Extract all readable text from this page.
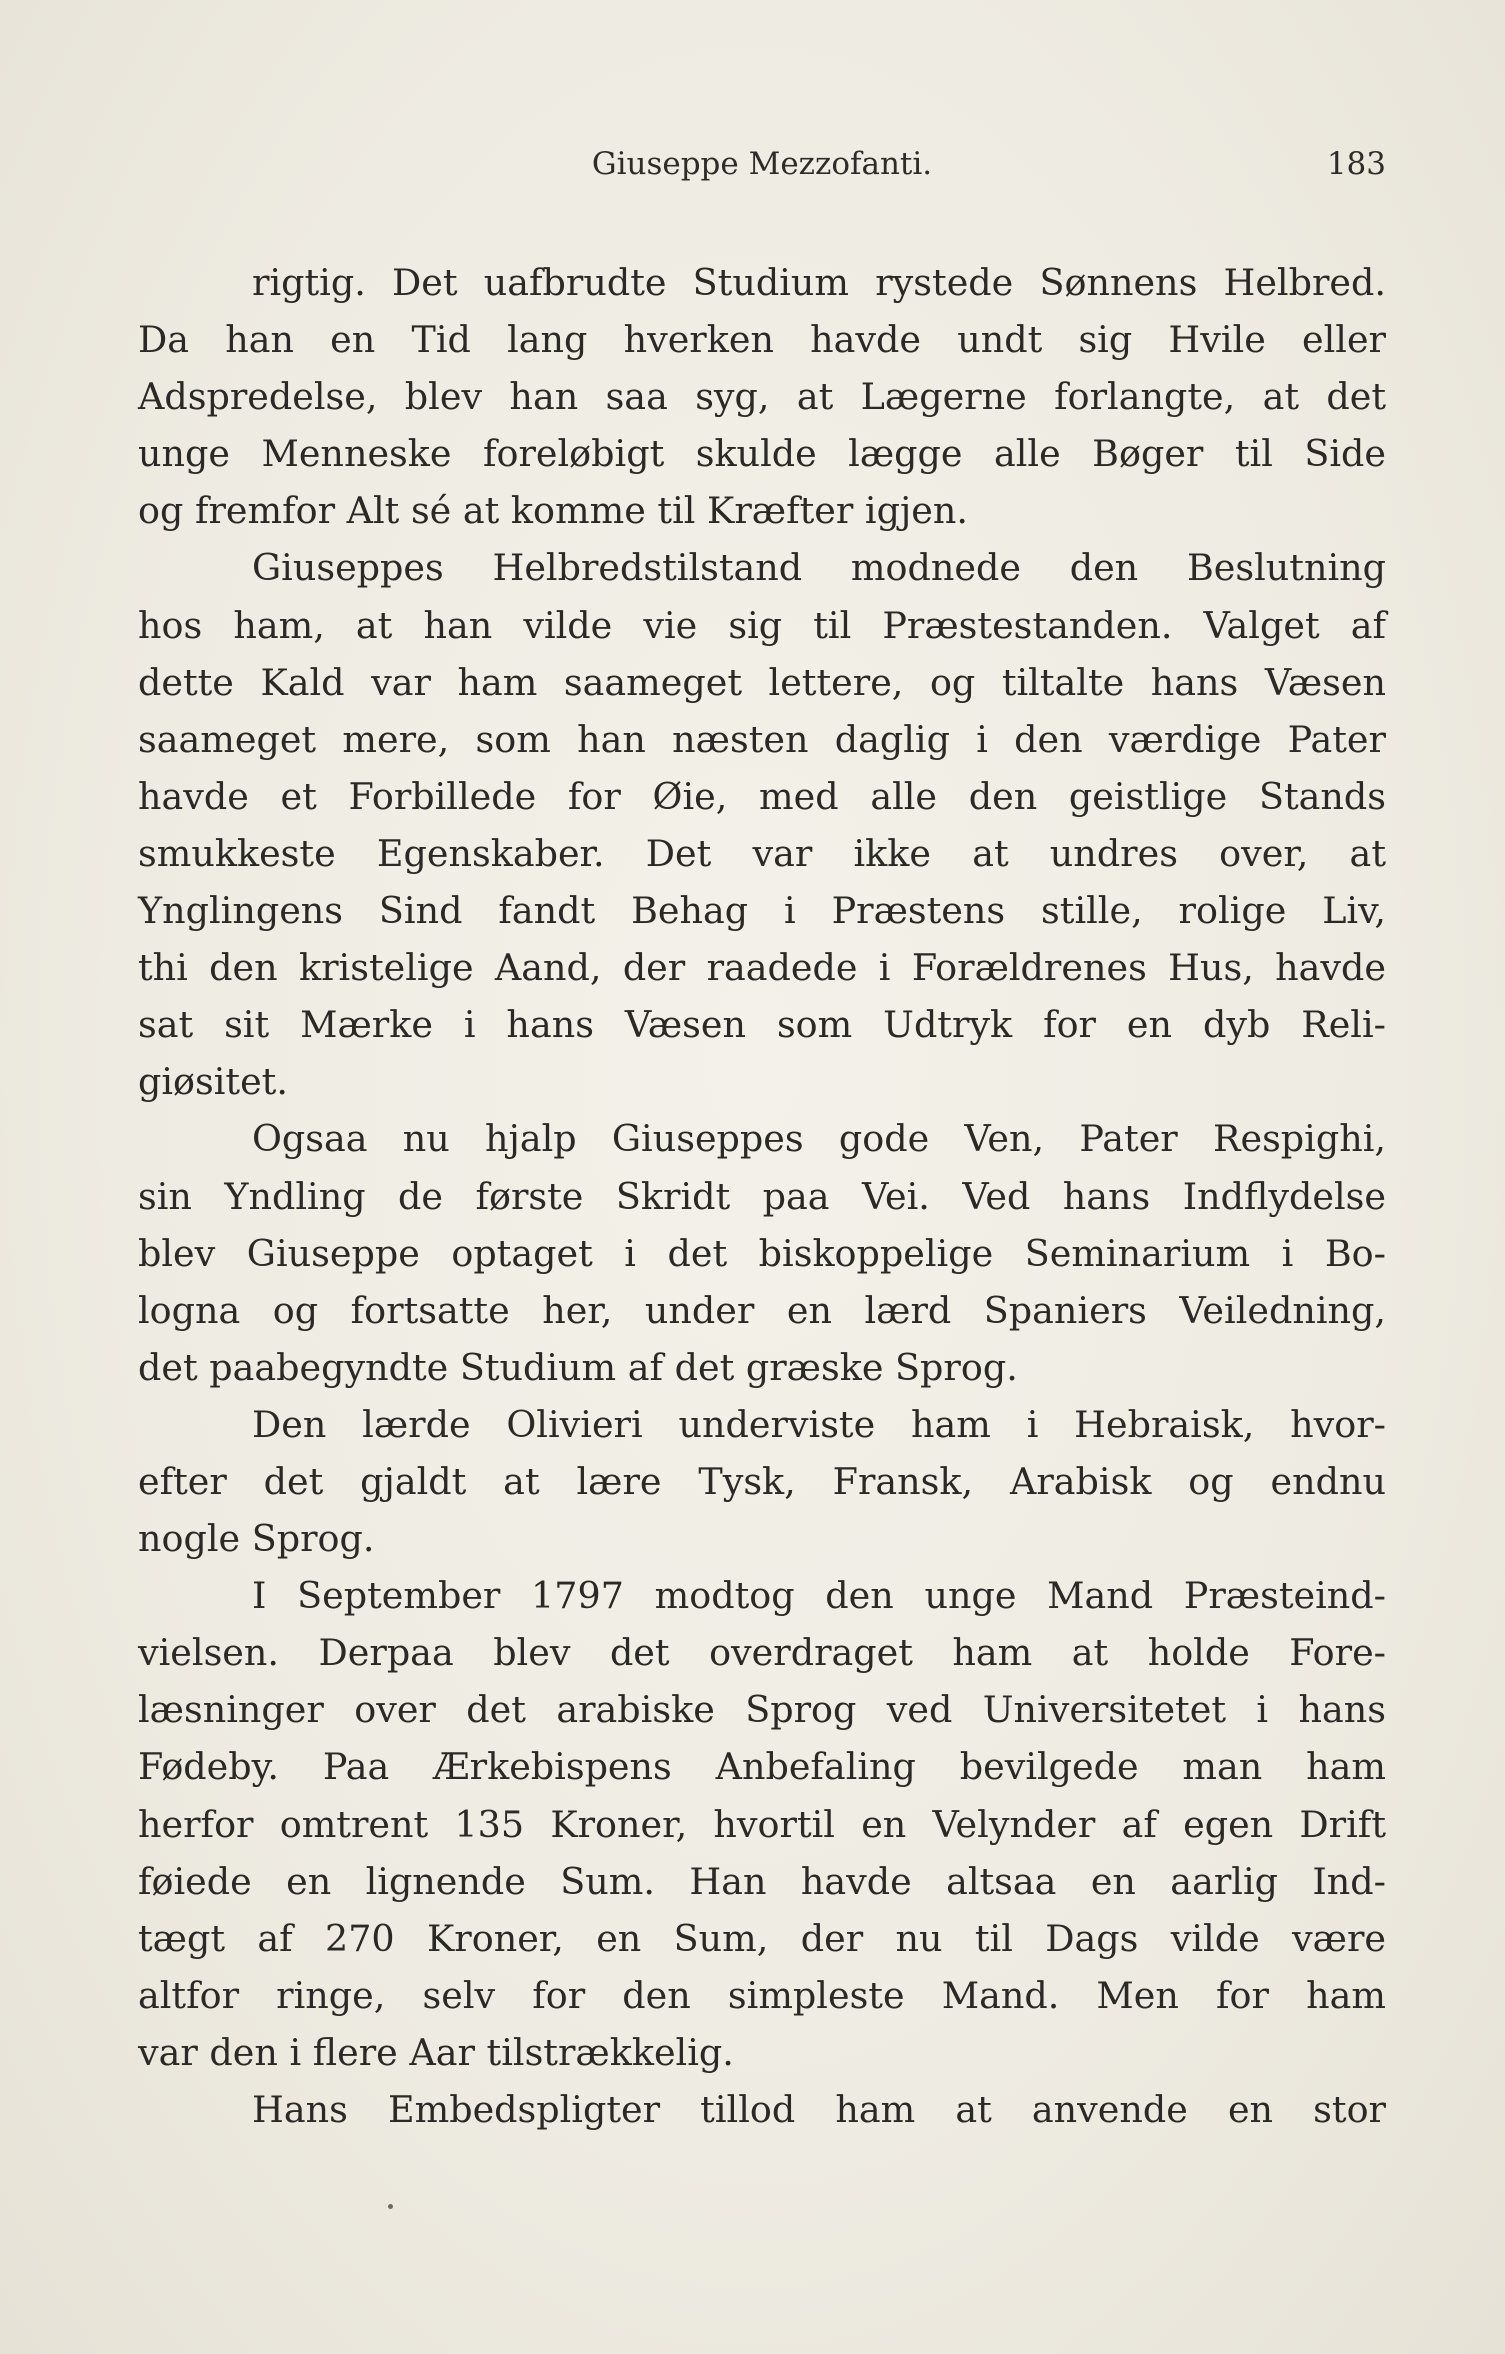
Giuseppe Mezzofanti.	183
rigtig. Det uafbrudte Studium rystede Sønnens Helbred.
Da han en Tid lang hverken havde undt sig Hvile eller
Adspredelse, blev han saa syg, at Lægerne forlangte, at det
unge Menneske foreløbigt skulde lægge alle Bøger til Side
og fremfor Alt sé at komme til Kræfter igjen.
Giuseppes Helbredstilstand modnede den Beslutning
hos ham, at han vilde vie sig til Præstestanden. Valget af
dette Kald var ham saameget lettere, og tiltalte hans Væsen
saameget mere, som han næsten daglig i den værdige Pater
havde et Forbillede for Øie, med alle den geistlige Stands
smukkeste Egenskaber. Det var ikke at undres over, at
Ynglingens Sind fandt Behag i Præstens stille, rolige Liv,
thi den kristelige Aand, der raadede i Forældrenes Hus, havde
sat sit Mærke i hans Væsen som Udtryk for en dyb Reli-
giøsitet.
Ogsaa nu hjalp Giuseppes gode Ven, Pater Respighi,
sin Yndling de første Skridt paa Vei. Ved hans Indflydelse
blev Giuseppe optaget i det biskoppelige Seminarium i Bo-
logna og fortsatte her, under en lærd Spaniers Veiledning,
det paabegyndte Studium af det græske Sprog.
Den lærde Olivieri underviste ham i Hebraisk, hvor-
efter det gjaldt at lære Tysk, Fransk, Arabisk og endnu
nogle Sprog.
I September 1797 modtog den unge Mand Præsteind-
vielsen. Derpaa blev det overdraget ham at holde Fore-
læsninger over det arabiske Sprog ved Universitetet i hans
Fødeby. Paa Ærkebispens Anbefaling bevilgede man ham
herfor omtrent 135 Kroner, hvortil en Velynder af egen Drift
føiede en lignende Sum. Han havde altsaa en aarlig Ind-
tægt af 270 Kroner, en Sum, der nu til Dags vilde være
altfor ringe, selv for den simpleste Mand. Men for ham
var den i flere Aar tilstrækkelig.
Hans Embedspligter tillod ham at anvende en stor
